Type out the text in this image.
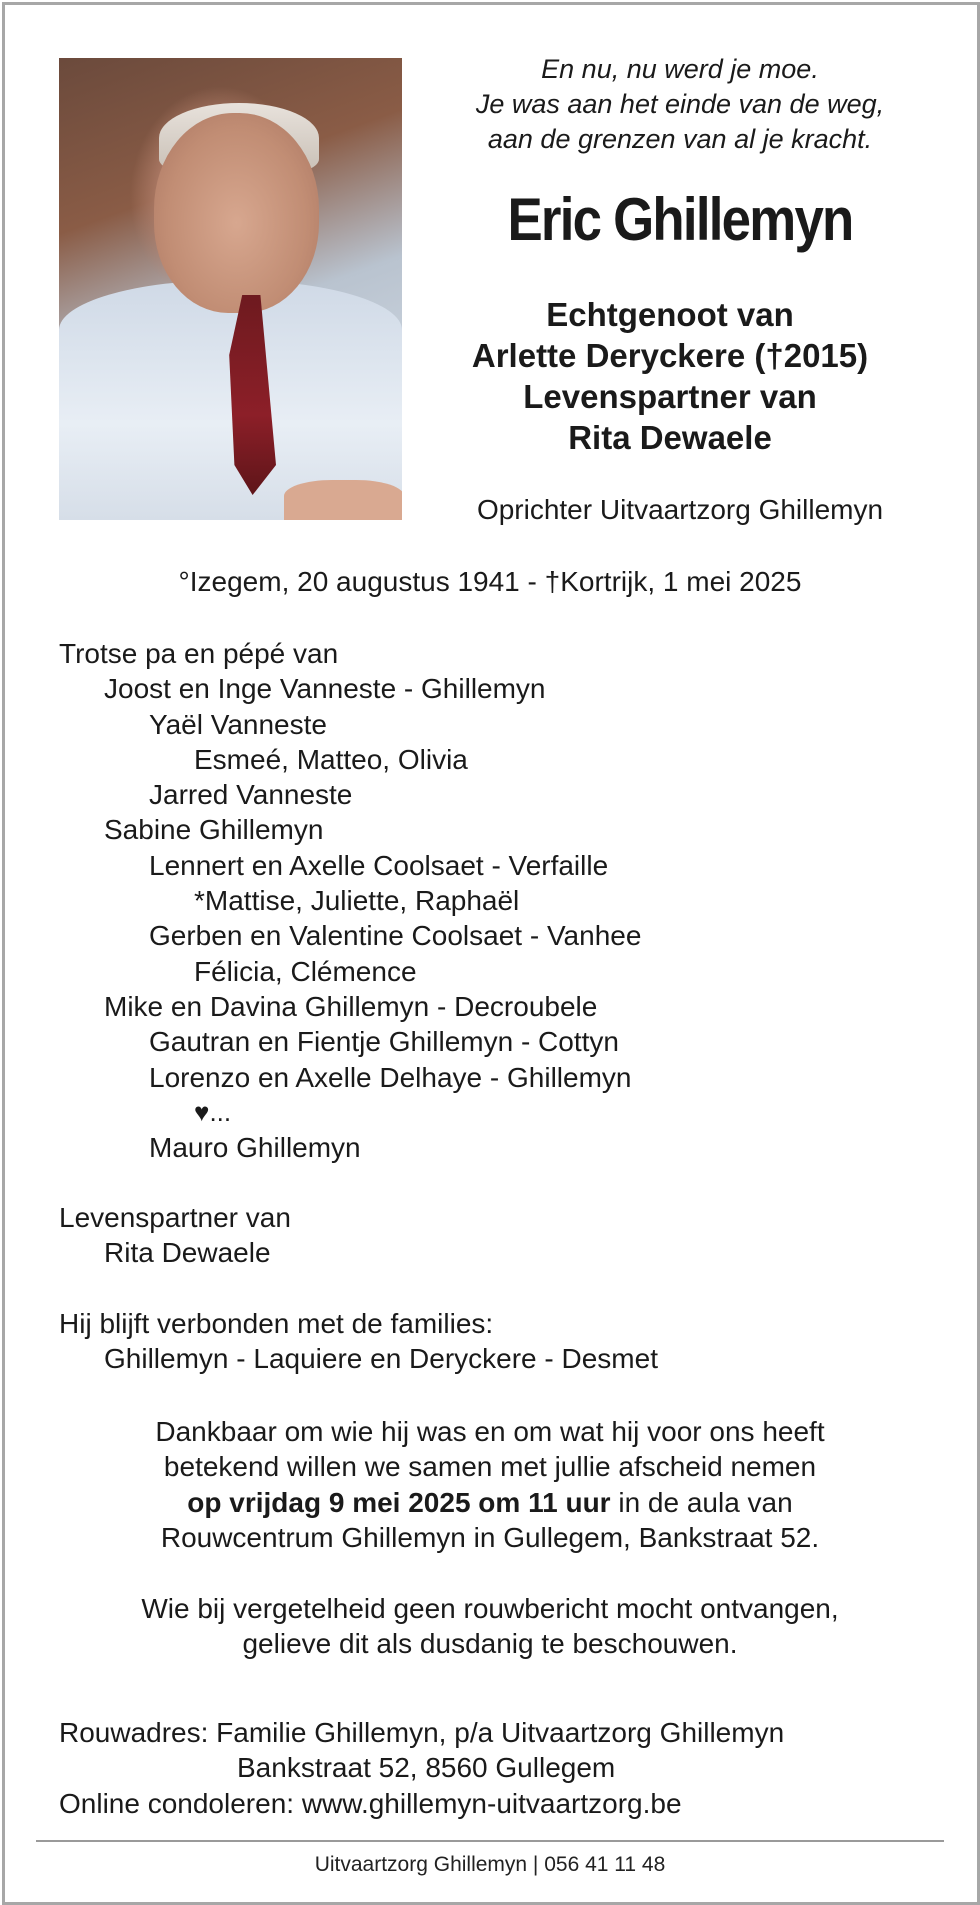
En nu, nu werd je moe.
Je was aan het einde van de weg,
aan de grenzen van al je kracht.
Eric Ghillemyn
Echtgenoot van
Arlette Deryckere (†2015)
Levenspartner van
Rita Dewaele
Oprichter Uitvaartzorg Ghillemyn
°Izegem, 20 augustus 1941 - †Kortrijk, 1 mei 2025
Trotse pa en pépé van
Joost en Inge Vanneste - Ghillemyn
Yaël Vanneste
Esmeé, Matteo, Olivia
Jarred Vanneste
Sabine Ghillemyn
Lennert en Axelle Coolsaet - Verfaille
*Mattise, Juliette, Raphaël
Gerben en Valentine Coolsaet - Vanhee
Félicia, Clémence
Mike en Davina Ghillemyn - Decroubele
Gautran en Fientje Ghillemyn - Cottyn
Lorenzo en Axelle Delhaye - Ghillemyn
♥...
Mauro Ghillemyn
Levenspartner van
Rita Dewaele
Hij blijft verbonden met de families:
Ghillemyn - Laquiere en Deryckere - Desmet
Dankbaar om wie hij was en om wat hij voor ons heeft
betekend willen we samen met jullie afscheid nemen
op vrijdag 9 mei 2025 om 11 uur in de aula van
Rouwcentrum Ghillemyn in Gullegem, Bankstraat 52.
Wie bij vergetelheid geen rouwbericht mocht ontvangen,
gelieve dit als dusdanig te beschouwen.
Rouwadres: Familie Ghillemyn, p/a Uitvaartzorg Ghillemyn
Bankstraat 52, 8560 Gullegem
Online condoleren: www.ghillemyn-uitvaartzorg.be
Uitvaartzorg Ghillemyn | 056 41 11 48
